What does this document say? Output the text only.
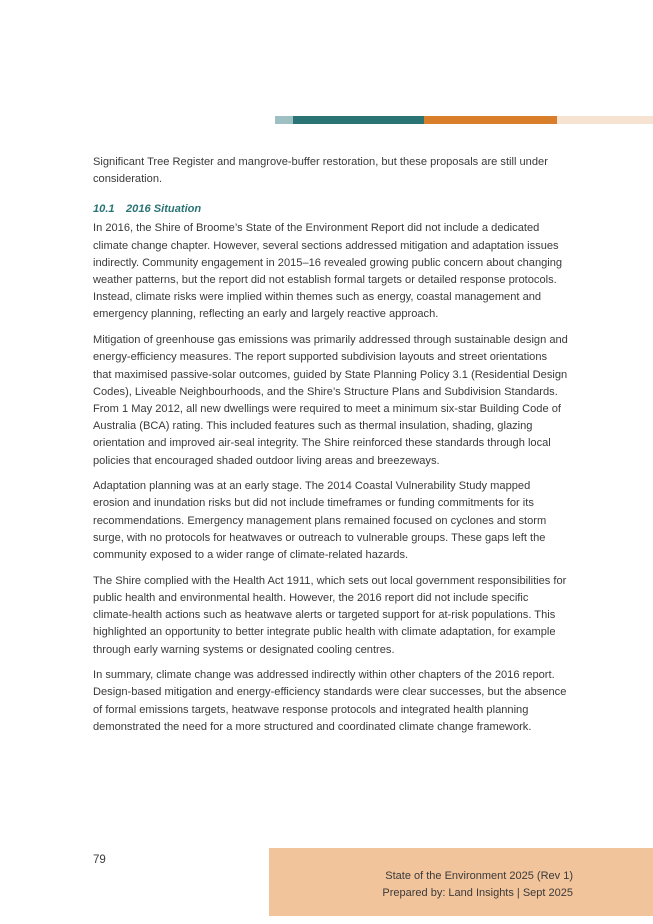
Significant Tree Register and mangrove-buffer restoration, but these proposals are still under consideration.

10.1 2016 Situation

In 2016, the Shire of Broome’s State of the Environment Report did not include a dedicated climate change chapter. However, several sections addressed mitigation and adaptation issues indirectly. Community engagement in 2015–16 revealed growing public concern about changing weather patterns, but the report did not establish formal targets or detailed response protocols. Instead, climate risks were implied within themes such as energy, coastal management and emergency planning, reflecting an early and largely reactive approach.

Mitigation of greenhouse gas emissions was primarily addressed through sustainable design and energy-efficiency measures. The report supported subdivision layouts and street orientations that maximised passive-solar outcomes, guided by State Planning Policy 3.1 (Residential Design Codes), Liveable Neighbourhoods, and the Shire’s Structure Plans and Subdivision Standards. From 1 May 2012, all new dwellings were required to meet a minimum six-star Building Code of Australia (BCA) rating. This included features such as thermal insulation, shading, glazing orientation and improved air-seal integrity. The Shire reinforced these standards through local policies that encouraged shaded outdoor living areas and breezeways.

Adaptation planning was at an early stage. The 2014 Coastal Vulnerability Study mapped erosion and inundation risks but did not include timeframes or funding commitments for its recommendations. Emergency management plans remained focused on cyclones and storm surge, with no protocols for heatwaves or outreach to vulnerable groups. These gaps left the community exposed to a wider range of climate-related hazards.

The Shire complied with the Health Act 1911, which sets out local government responsibilities for public health and environmental health. However, the 2016 report did not include specific climate-health actions such as heatwave alerts or targeted support for at-risk populations. This highlighted an opportunity to better integrate public health with climate adaptation, for example through early warning systems or designated cooling centres.

In summary, climate change was addressed indirectly within other chapters of the 2016 report. Design-based mitigation and energy-efficiency standards were clear successes, but the absence of formal emissions targets, heatwave response protocols and integrated health planning demonstrated the need for a more structured and coordinated climate change framework.

79
State of the Environment 2025 (Rev 1)
Prepared by: Land Insights | Sept 2025
